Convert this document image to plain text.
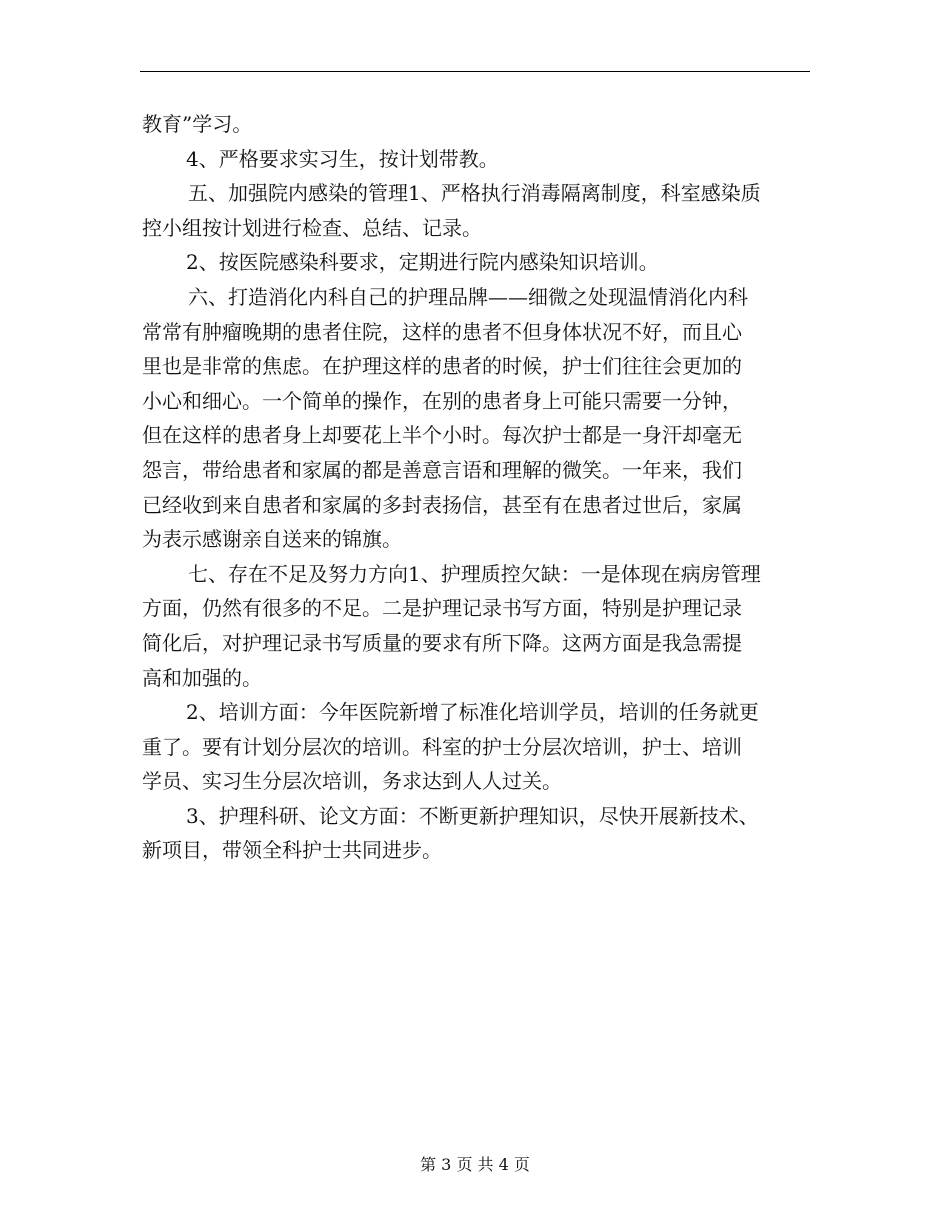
教育”学习。
4、严格要求实习生，按计划带教。
五、加强院内感染的管理1、严格执行消毒隔离制度，科室感染质
控小组按计划进行检查、总结、记录。
2、按医院感染科要求，定期进行院内感染知识培训。
六、打造消化内科自己的护理品牌——细微之处现温情消化内科
常常有肿瘤晚期的患者住院，这样的患者不但身体状况不好，而且心
里也是非常的焦虑。在护理这样的患者的时候，护士们往往会更加的
小心和细心。一个简单的操作，在别的患者身上可能只需要一分钟，
但在这样的患者身上却要花上半个小时。每次护士都是一身汗却毫无
怨言，带给患者和家属的都是善意言语和理解的微笑。一年来，我们
已经收到来自患者和家属的多封表扬信，甚至有在患者过世后，家属
为表示感谢亲自送来的锦旗。
七、存在不足及努力方向1、护理质控欠缺：一是体现在病房管理
方面，仍然有很多的不足。二是护理记录书写方面，特别是护理记录
简化后，对护理记录书写质量的要求有所下降。这两方面是我急需提
高和加强的。
2、培训方面：今年医院新增了标准化培训学员，培训的任务就更
重了。要有计划分层次的培训。科室的护士分层次培训，护士、培训
学员、实习生分层次培训，务求达到人人过关。
3、护理科研、论文方面：不断更新护理知识，尽快开展新技术、
新项目，带领全科护士共同进步。
第 3 页 共 4 页
